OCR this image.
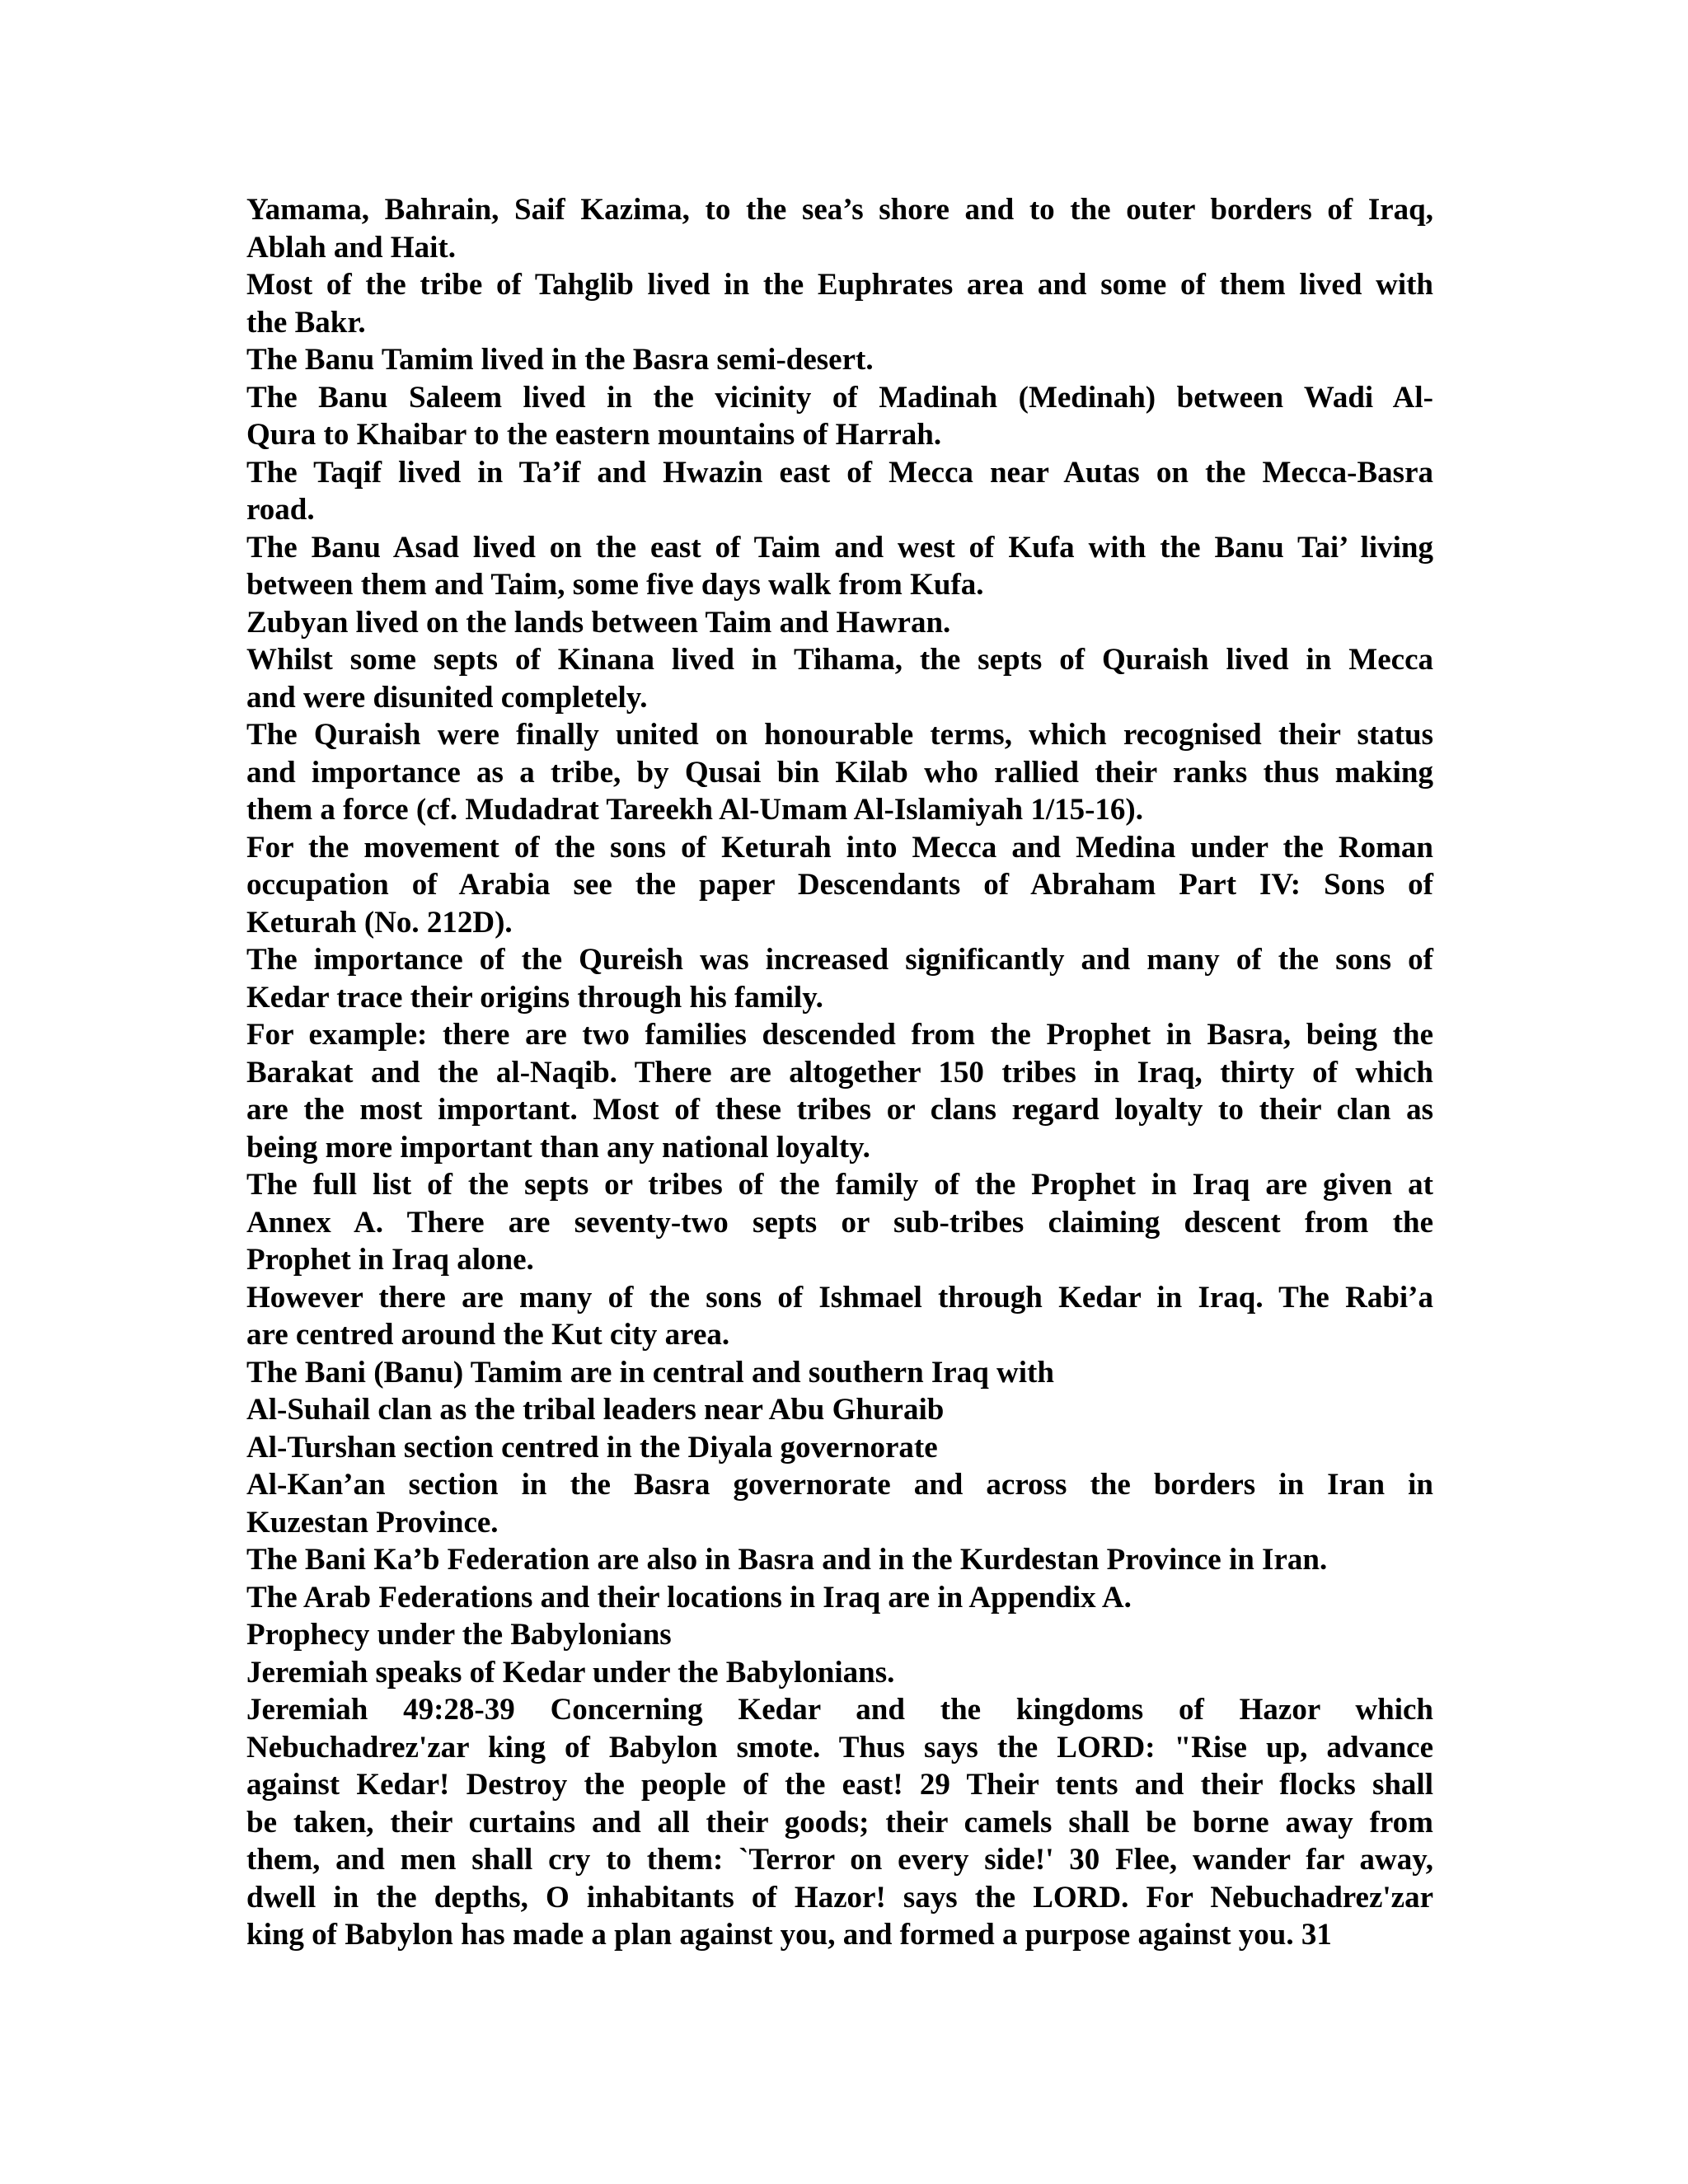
Yamama, Bahrain, Saif Kazima, to the sea’s shore and to the outer borders of Iraq,
Ablah and Hait.
Most of the tribe of Tahglib lived in the Euphrates area and some of them lived with
the Bakr.
The Banu Tamim lived in the Basra semi-desert.
The Banu Saleem lived in the vicinity of Madinah (Medinah) between Wadi Al-
Qura to Khaibar to the eastern mountains of Harrah.
The Taqif lived in Ta’if and Hwazin east of Mecca near Autas on the Mecca-Basra
road.
The Banu Asad lived on the east of Taim and west of Kufa with the Banu Tai’ living
between them and Taim, some five days walk from Kufa.
Zubyan lived on the lands between Taim and Hawran.
Whilst some septs of Kinana lived in Tihama, the septs of Quraish lived in Mecca
and were disunited completely.
The Quraish were finally united on honourable terms, which recognised their status
and importance as a tribe, by Qusai bin Kilab who rallied their ranks thus making
them a force (cf. Mudadrat Tareekh Al-Umam Al-Islamiyah 1/15-16).
For the movement of the sons of Keturah into Mecca and Medina under the Roman
occupation of Arabia see the paper Descendants of Abraham Part IV: Sons of
Keturah (No. 212D).
The importance of the Qureish was increased significantly and many of the sons of
Kedar trace their origins through his family.
For example: there are two families descended from the Prophet in Basra, being the
Barakat and the al-Naqib. There are altogether 150 tribes in Iraq, thirty of which
are the most important. Most of these tribes or clans regard loyalty to their clan as
being more important than any national loyalty.
The full list of the septs or tribes of the family of the Prophet in Iraq are given at
Annex A. There are seventy-two septs or sub-tribes claiming descent from the
Prophet in Iraq alone.
However there are many of the sons of Ishmael through Kedar in Iraq. The Rabi’a
are centred around the Kut city area.
The Bani (Banu) Tamim are in central and southern Iraq with
Al-Suhail clan as the tribal leaders near Abu Ghuraib
Al-Turshan section centred in the Diyala governorate
Al-Kan’an section in the Basra governorate and across the borders in Iran in
Kuzestan Province.
The Bani Ka’b Federation are also in Basra and in the Kurdestan Province in Iran.
The Arab Federations and their locations in Iraq are in Appendix A.
Prophecy under the Babylonians
Jeremiah speaks of Kedar under the Babylonians.
Jeremiah 49:28-39 Concerning Kedar and the kingdoms of Hazor which
Nebuchadrez'zar king of Babylon smote. Thus says the LORD: "Rise up, advance
against Kedar! Destroy the people of the east! 29 Their tents and their flocks shall
be taken, their curtains and all their goods; their camels shall be borne away from
them, and men shall cry to them: `Terror on every side!' 30 Flee, wander far away,
dwell in the depths, O inhabitants of Hazor! says the LORD. For Nebuchadrez'zar
king of Babylon has made a plan against you, and formed a purpose against you. 31
